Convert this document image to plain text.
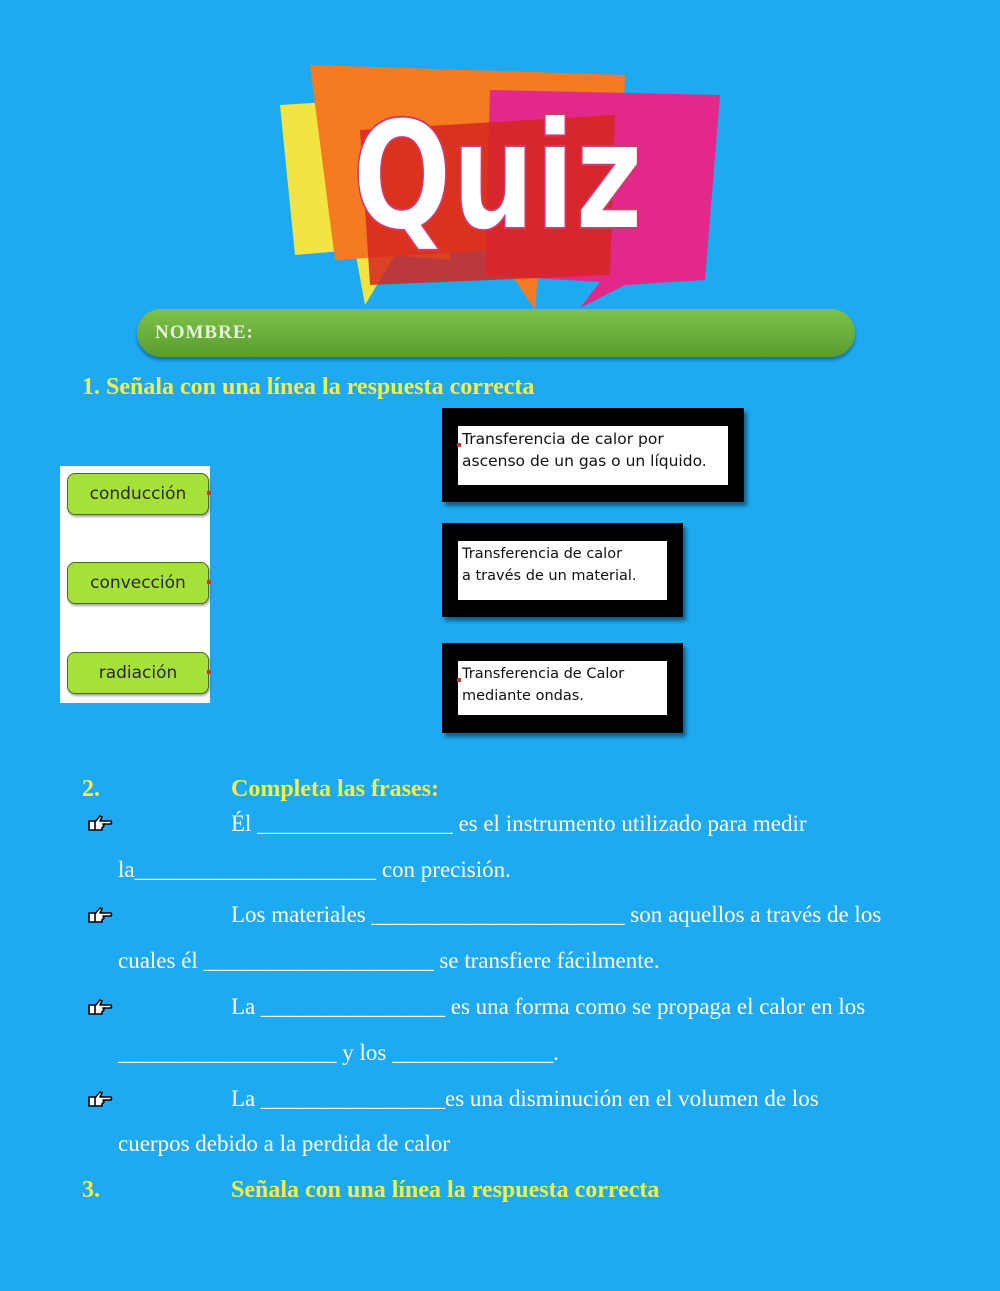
Quiz
NOMBRE:
1. Señala con una línea la respuesta correcta
conducción
convección
radiación
Transferencia de calor por
ascenso de un gas o un líquido.
Transferencia de calor
a través de un material.
Transferencia de Calor
mediante ondas.
2.	Completa las frases:
Él _________________ es el instrumento utilizado para medir
la_____________________ con precisión.
Los materiales ______________________ son aquellos a través de los
cuales él ____________________ se transfiere fácilmente.
La ________________ es una forma como se propaga el calor en los
___________________ y los ______________.
La ________________es una disminución en el volumen de los
cuerpos debido a la perdida de calor
3.	Señala con una línea la respuesta correcta
